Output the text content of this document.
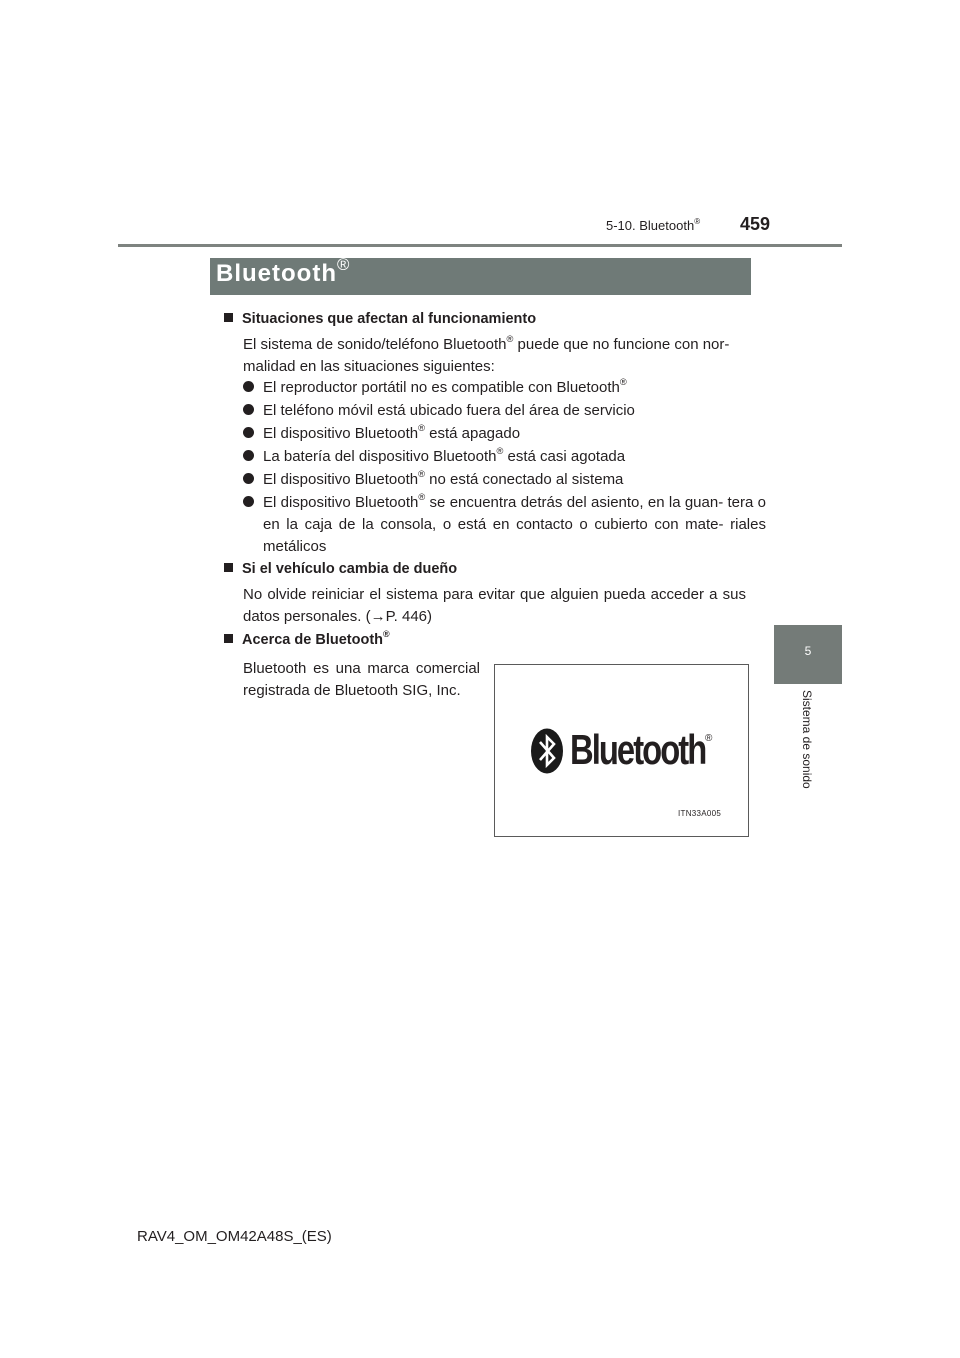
5-10. Bluetooth® 459
5
Sistema de sonido
Bluetooth®
Situaciones que afectan al funcionamiento
El sistema de sonido/teléfono Bluetooth® puede que no funcione con nor-
malidad en las situaciones siguientes:
El reproductor portátil no es compatible con Bluetooth®
El teléfono móvil está ubicado fuera del área de servicio
El dispositivo Bluetooth® está apagado
La batería del dispositivo Bluetooth® está casi agotada
El dispositivo Bluetooth® no está conectado al sistema
El dispositivo Bluetooth® se encuentra detrás del asiento, en la guan- tera o en la caja de la consola, o está en contacto o cubierto con mate- riales metálicos
Si el vehículo cambia de dueño
No olvide reiniciar el sistema para evitar que alguien pueda acceder a sus datos personales. (→P. 446)
Acerca de Bluetooth®
Bluetooth es una marca comercial registrada de Bluetooth SIG, Inc.
Bluetooth ®
ITN33A005
RAV4_OM_OM42A48S_(ES)
